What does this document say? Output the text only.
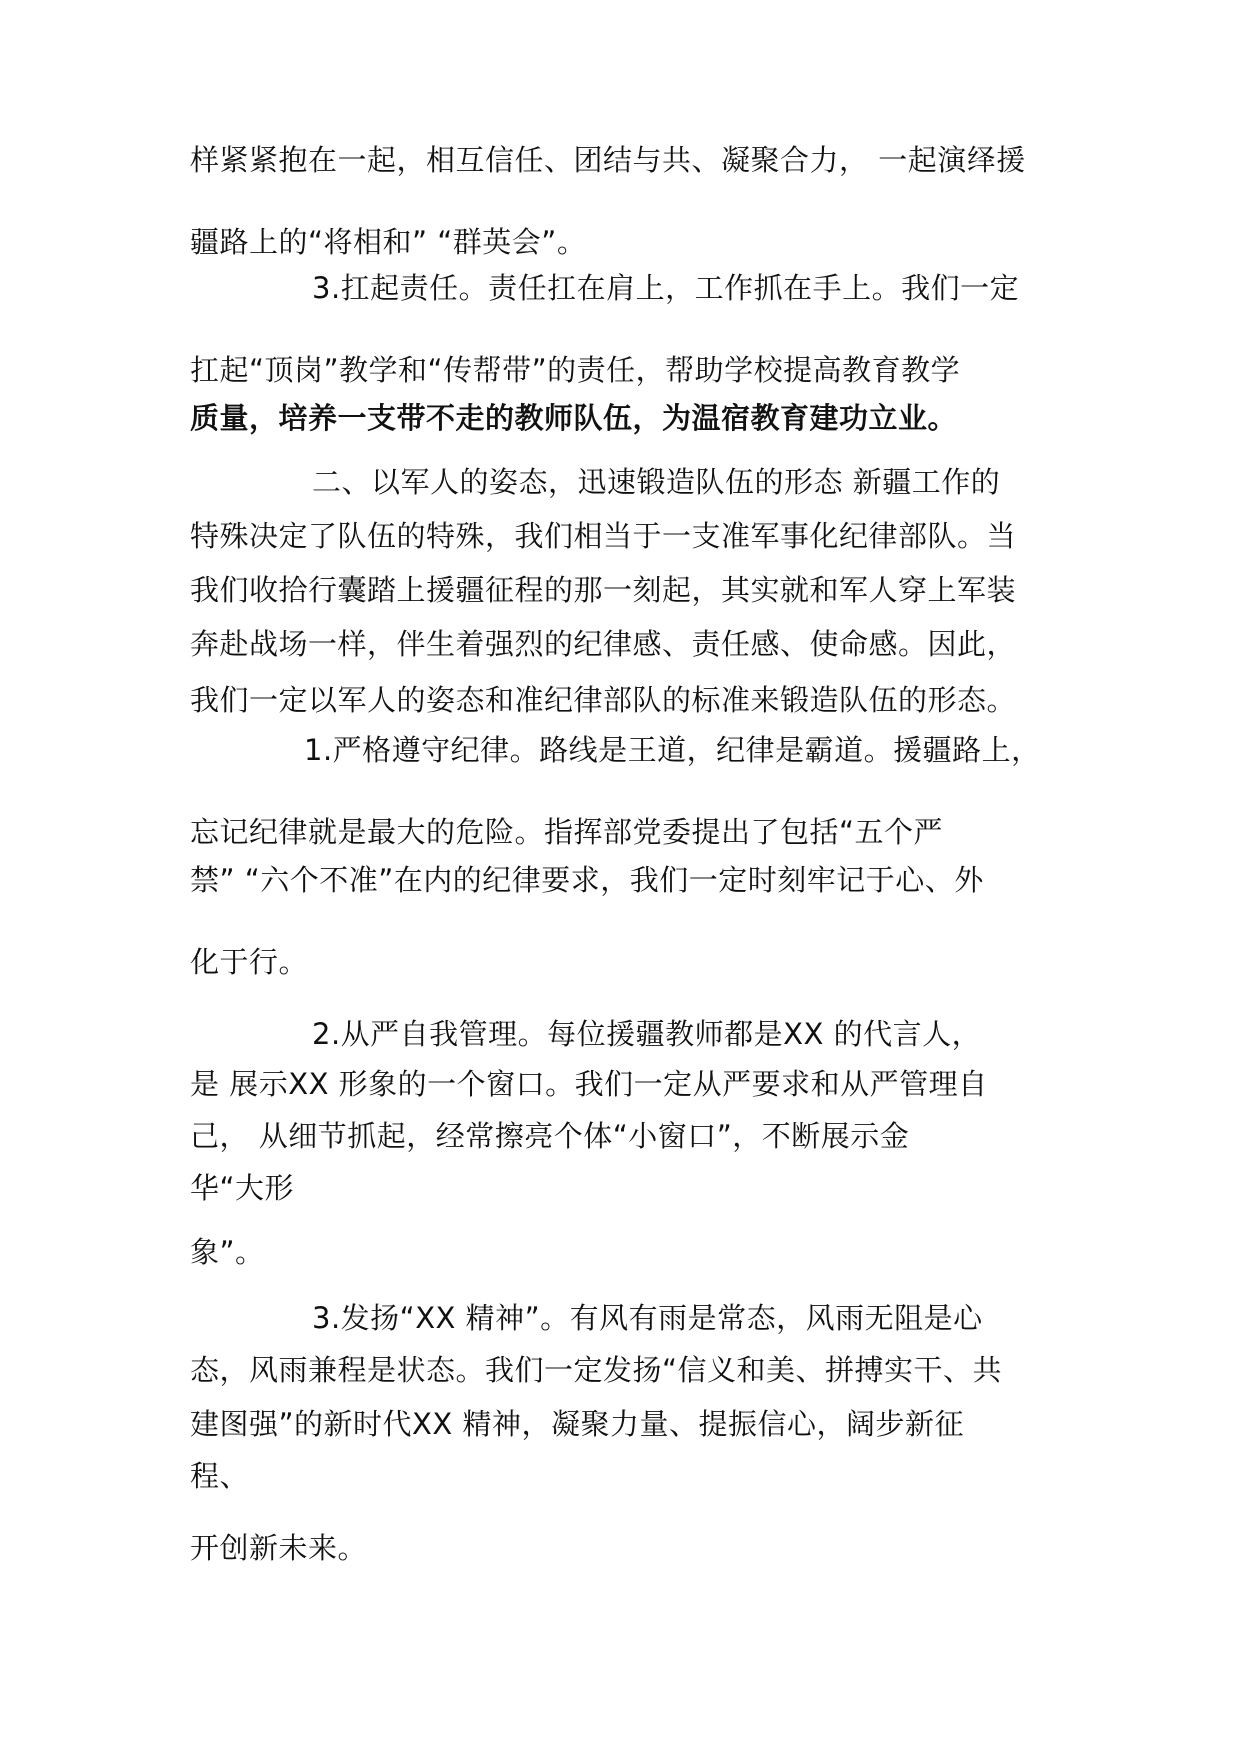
样紧紧抱在一起，相互信任、团结与共、凝聚合力， 一起演绎援
疆路上的“将相和” “群英会”。
3.扛起责任。责任扛在肩上，工作抓在手上。我们一定
扛起“顶岗”教学和“传帮带”的责任，帮助学校提高教育教学
质量，培养一支带不走的教师队伍，为温宿教育建功立业。
二、以军人的姿态，迅速锻造队伍的形态 新疆工作的
特殊决定了队伍的特殊，我们相当于一支准军事化纪律部队。当
我们收拾行囊踏上援疆征程的那一刻起，其实就和军人穿上军装
奔赴战场一样，伴生着强烈的纪律感、责任感、使命感。因此，
我们一定以军人的姿态和准纪律部队的标准来锻造队伍的形态。
1.严格遵守纪律。路线是王道，纪律是霸道。援疆路上，
忘记纪律就是最大的危险。指挥部党委提出了包括“五个严
禁” “六个不准”在内的纪律要求，我们一定时刻牢记于心、外
化于行。
2.从严自我管理。每位援疆教师都是XX 的代言人，
是 展示XX 形象的一个窗口。我们一定从严要求和从严管理自
己， 从细节抓起，经常擦亮个体“小窗口”，不断展示金
华“大形
象”。
3.发扬“XX 精神”。有风有雨是常态，风雨无阻是心
态，风雨兼程是状态。我们一定发扬“信义和美、拼搏实干、共
建图强”的新时代XX 精神，凝聚力量、提振信心，阔步新征
程、
开创新未来。
